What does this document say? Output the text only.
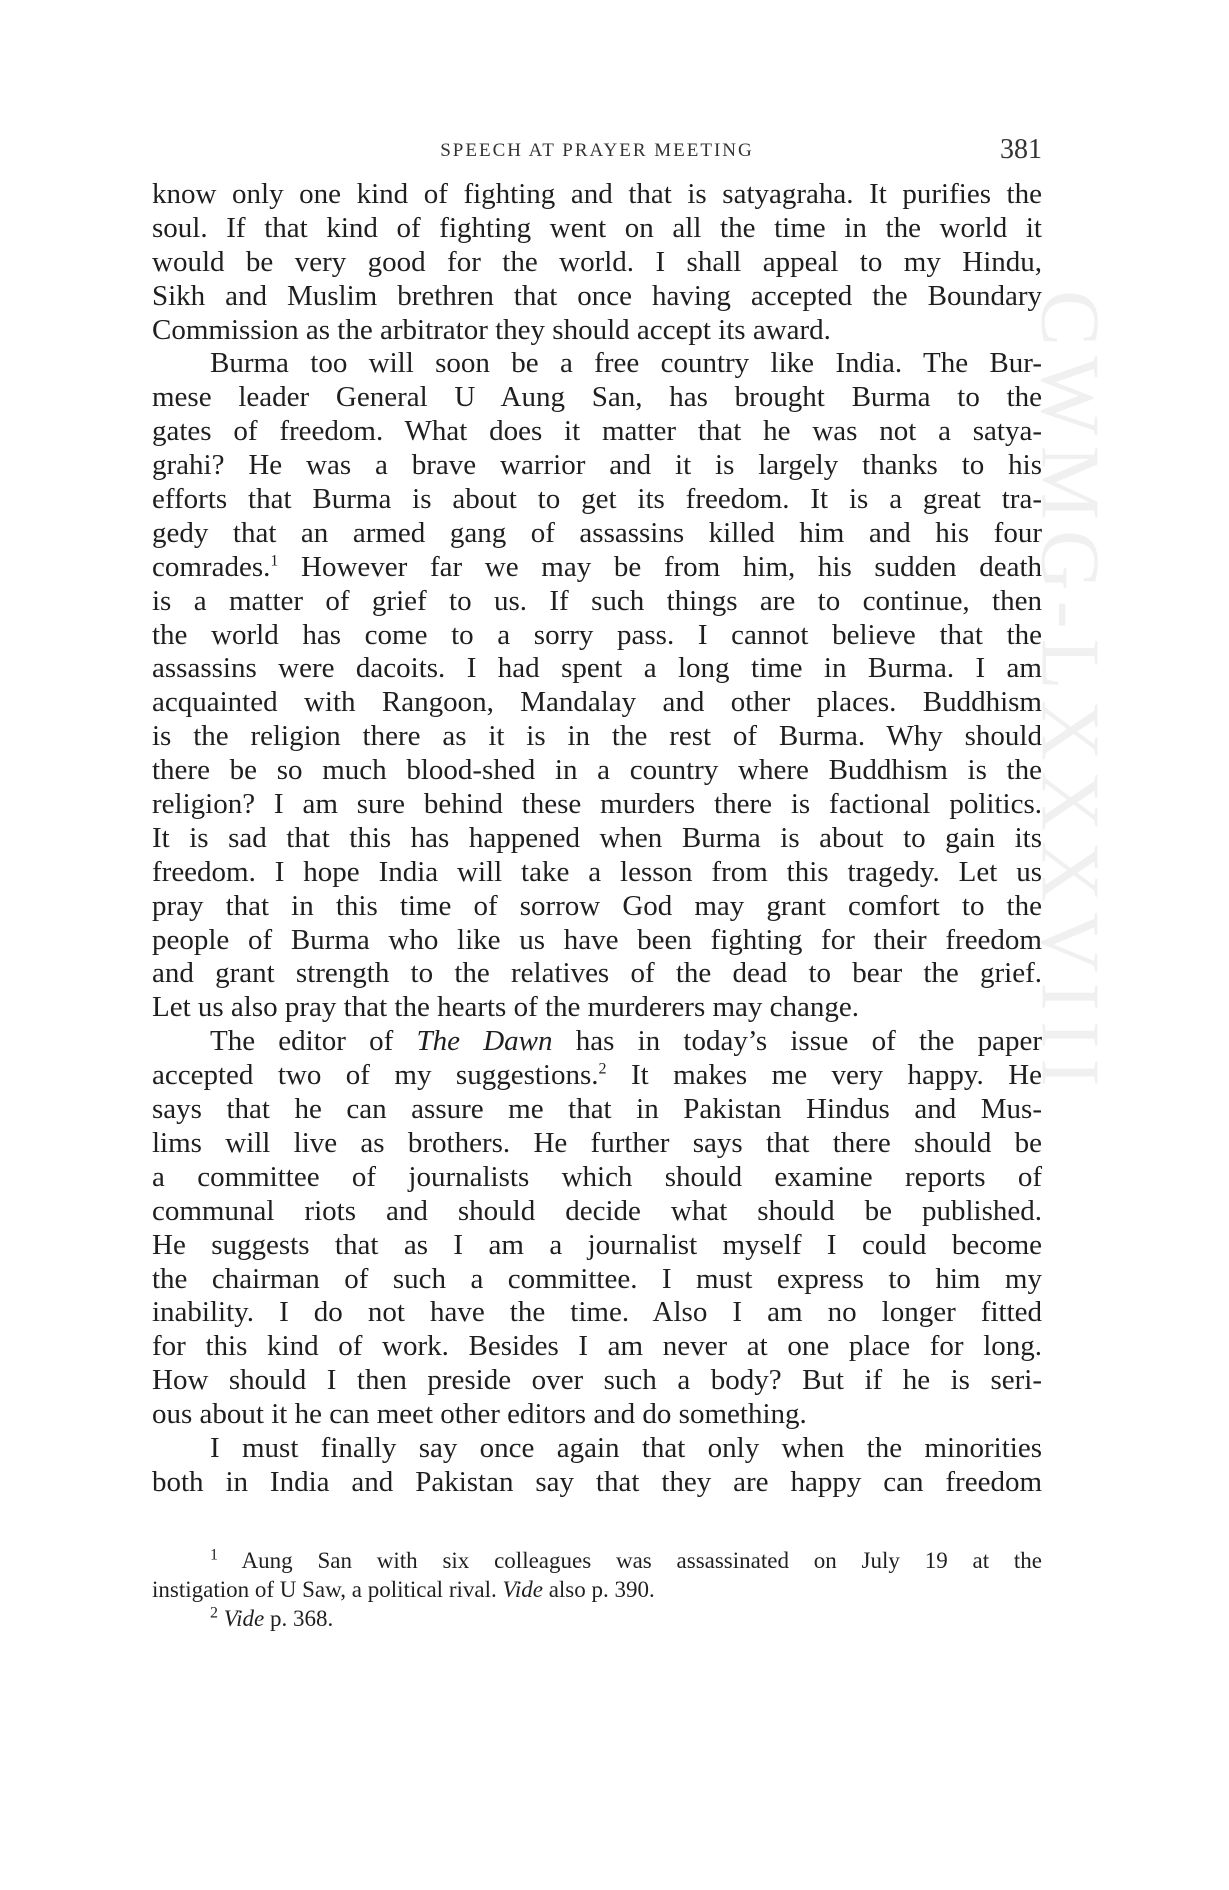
CWMG-LXXXVIII
SPEECH AT PRAYER MEETING	381
know only one kind of fighting and that is satyagraha. It purifies the
soul. If that kind of fighting went on all the time in the world it
would be very good for the world. I shall appeal to my Hindu,
Sikh and Muslim brethren that once having accepted the Boundary
Commission as the arbitrator they should accept its award.
Burma too will soon be a free country like India. The Bur-
mese leader General U Aung San, has brought Burma to the
gates of freedom. What does it matter that he was not a satya-
grahi? He was a brave warrior and it is largely thanks to his
efforts that Burma is about to get its freedom. It is a great tra-
gedy that an armed gang of assassins killed him and his four
comrades.$^1$ However far we may be from him, his sudden death
is a matter of grief to us. If such things are to continue, then
the world has come to a sorry pass. I cannot believe that the
assassins were dacoits. I had spent a long time in Burma. I am
acquainted with Rangoon, Mandalay and other places. Buddhism
is the religion there as it is in the rest of Burma. Why should
there be so much blood-shed in a country where Buddhism is the
religion? I am sure behind these murders there is factional politics.
It is sad that this has happened when Burma is about to gain its
freedom. I hope India will take a lesson from this tragedy. Let us
pray that in this time of sorrow God may grant comfort to the
people of Burma who like us have been fighting for their freedom
and grant strength to the relatives of the dead to bear the grief.
Let us also pray that the hearts of the murderers may change.
The editor of The Dawn has in today’s issue of the paper
accepted two of my suggestions.$^2$ It makes me very happy. He
says that he can assure me that in Pakistan Hindus and Mus-
lims will live as brothers. He further says that there should be
a committee of journalists which should examine reports of
communal riots and should decide what should be published.
He suggests that as I am a journalist myself I could become
the chairman of such a committee. I must express to him my
inability. I do not have the time. Also I am no longer fitted
for this kind of work. Besides I am never at one place for long.
How should I then preside over such a body? But if he is seri-
ous about it he can meet other editors and do something.
I must finally say once again that only when the minorities
both in India and Pakistan say that they are happy can freedom
$^1$ Aung San with six colleagues was assassinated on July 19 at the
instigation of U Saw, a political rival. Vide also p. 390.
$^2$ Vide p. 368.
